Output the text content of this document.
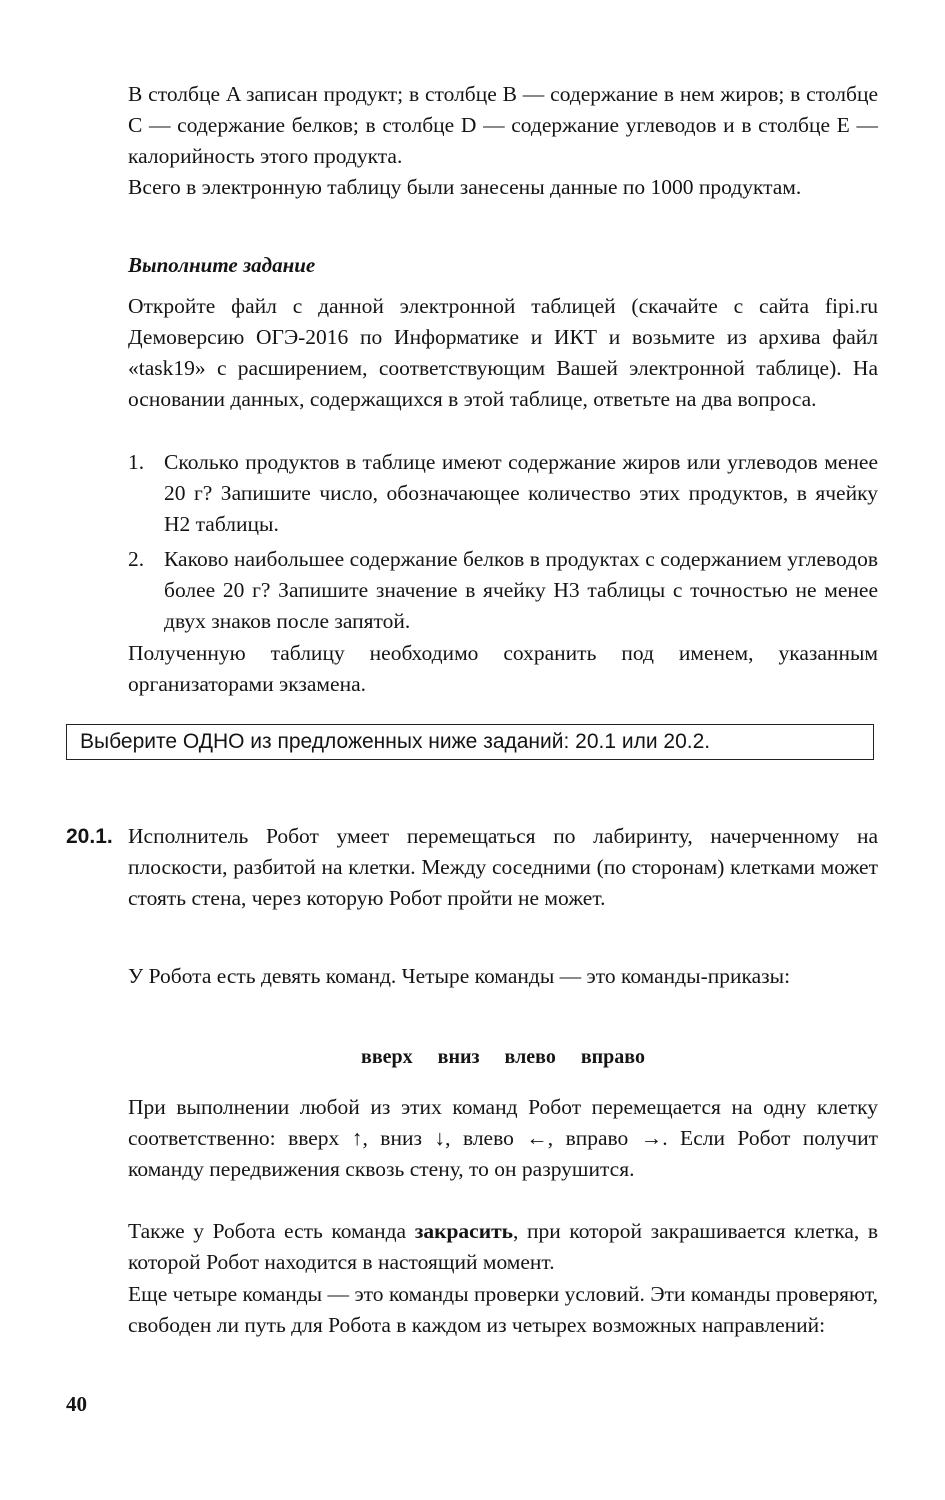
В столбце A записан продукт; в столбце B — содержание в нем жиров; в столбце C — содержание белков; в столбце D — содержание углеводов и в столбце E — калорийность этого продукта.

Всего в электронную таблицу были занесены данные по 1000 продуктам.

Выполните задание

Откройте файл с данной электронной таблицей (скачайте с сайта fipi.ru Демоверсию ОГЭ-2016 по Информатике и ИКТ и возьмите из архива файл «task19» с расширением, соответствующим Вашей электронной таблице). На основании данных, содержащихся в этой таблице, ответьте на два вопроса.

1. Сколько продуктов в таблице имеют содержание жиров или углеводов менее 20 г? Запишите число, обозначающее количество этих продуктов, в ячейку H2 таблицы.
2. Каково наибольшее содержание белков в продуктах с содержанием углеводов более 20 г? Запишите значение в ячейку H3 таблицы с точностью не менее двух знаков после запятой.

Полученную таблицу необходимо сохранить под именем, указанным организаторами экзамена.

Выберите ОДНО из предложенных ниже заданий: 20.1 или 20.2.
20.1. Исполнитель Робот умеет перемещаться по лабиринту, начерченному на плоскости, разбитой на клетки. Между соседними (по сторонам) клетками может стоять стена, через которую Робот пройти не может.

У Робота есть девять команд. Четыре команды — это команды-приказы:

вверх вниз влево вправо

При выполнении любой из этих команд Робот перемещается на одну клетку соответственно: вверх ↑, вниз ↓, влево ←, вправо →. Если Робот получит команду передвижения сквозь стену, то он разрушится.

Также у Робота есть команда закрасить, при которой закрашивается клетка, в которой Робот находится в настоящий момент.

Еще четыре команды — это команды проверки условий. Эти команды проверяют, свободен ли путь для Робота в каждом из четырех возможных направлений:

40
